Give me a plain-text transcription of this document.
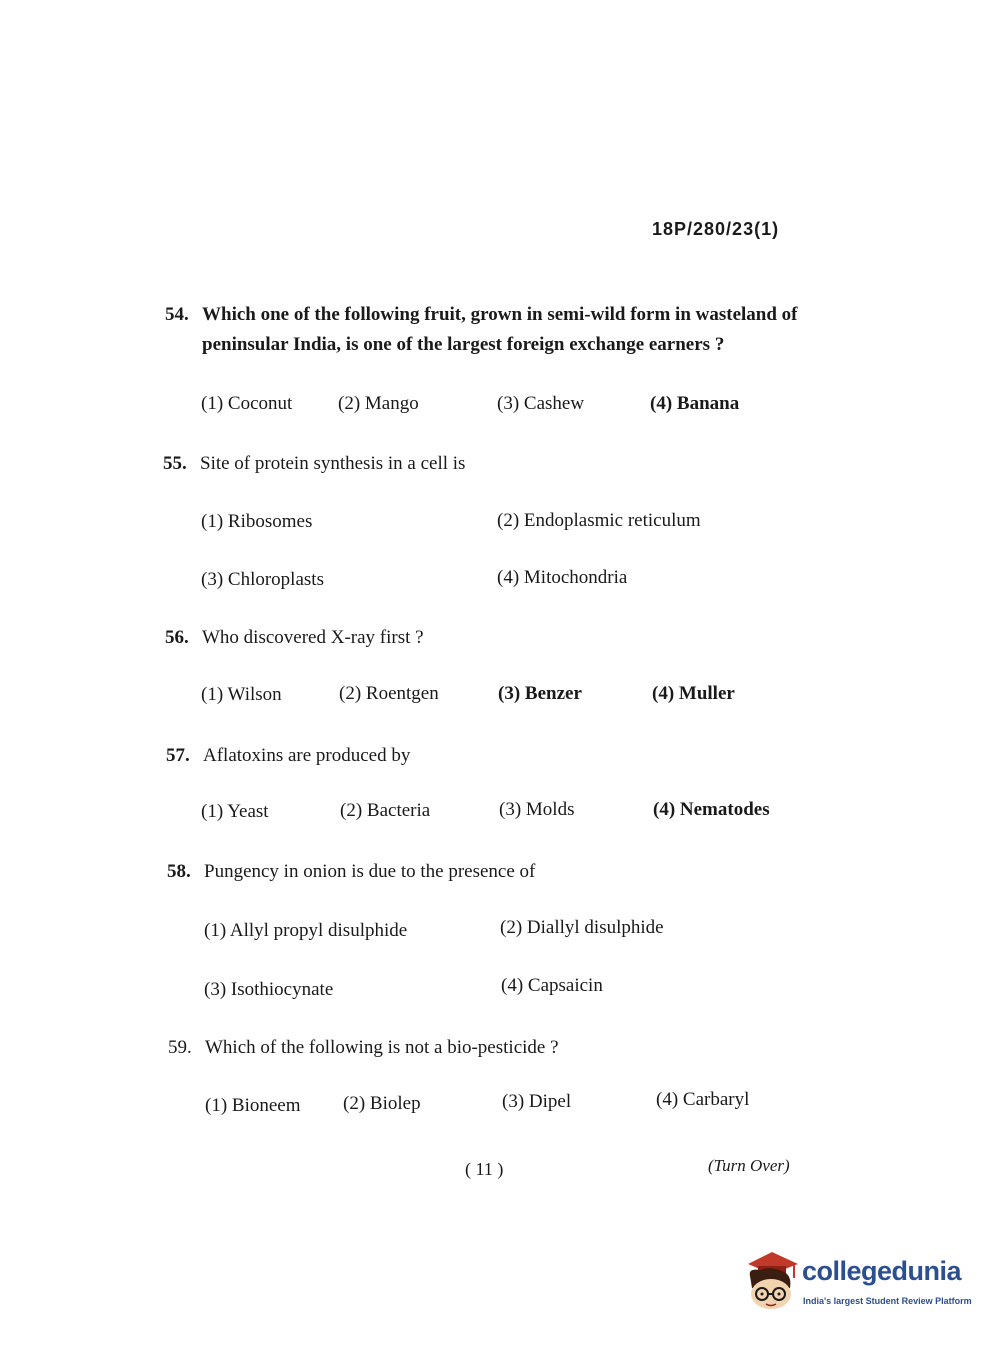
18P/280/23(1)
54. Which one of the following fruit, grown in semi-wild form in wasteland of peninsular India, is one of the largest foreign exchange earners ?
(1) Coconut (2) Mango	(3) Cashew	(4) Banana
55. Site of protein synthesis in a cell is
(1) Ribosomes	(2) Endoplasmic reticulum
(3) Chloroplasts	(4) Mitochondria
56. Who discovered X-ray first ?
(1) Wilson	(2) Roentgen	(3) Benzer	(4) Muller
57. Aflatoxins are produced by
(1) Yeast	(2) Bacteria	(3) Molds	(4) Nematodes
58. Pungency in onion is due to the presence of
(1) Allyl propyl disulphide	(2) Diallyl disulphide
(3) Isothiocynate	(4) Capsaicin
59. Which of the following is not a bio-pesticide ?
(1) Bioneem (2) Biolep	(3) Dipel	(4) Carbaryl
( 11 )	(Turn Over)
collegedunia
India's largest Student Review Platform
